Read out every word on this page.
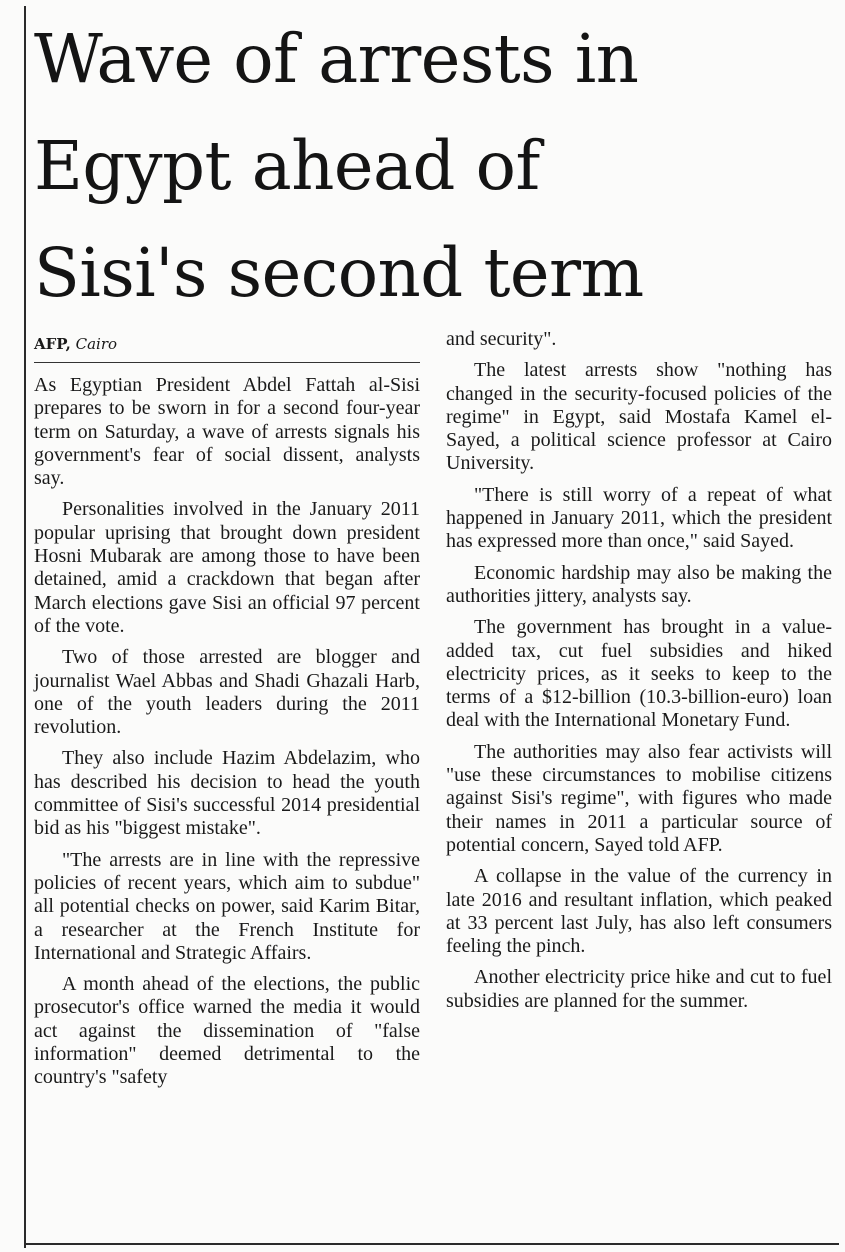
Wave of arrests in
Egypt ahead of
Sisi's second term
AFP, Cairo

As Egyptian President Abdel Fattah al-Sisi prepares to be sworn in for a second four-year term on Saturday, a wave of arrests signals his government's fear of social dissent, analysts say.

Personalities involved in the January 2011 popular uprising that brought down president Hosni Mubarak are among those to have been detained, amid a crackdown that began after March elections gave Sisi an official 97 percent of the vote.

Two of those arrested are blogger and journalist Wael Abbas and Shadi Ghazali Harb, one of the youth leaders during the 2011 revolution.

They also include Hazim Abdelazim, who has described his decision to head the youth committee of Sisi's successful 2014 presidential bid as his "biggest mistake".

"The arrests are in line with the repressive policies of recent years, which aim to subdue" all potential checks on power, said Karim Bitar, a researcher at the French Institute for International and Strategic Affairs.

A month ahead of the elections, the public prosecutor's office warned the media it would act against the dissemination of "false information" deemed detrimental to the country's "safety

and security".

The latest arrests show "nothing has changed in the security-focused policies of the regime" in Egypt, said Mostafa Kamel el-Sayed, a political science professor at Cairo University.

"There is still worry of a repeat of what happened in January 2011, which the president has expressed more than once," said Sayed.

Economic hardship may also be making the authorities jittery, analysts say.

The government has brought in a value-added tax, cut fuel subsidies and hiked electricity prices, as it seeks to keep to the terms of a $12-billion (10.3-billion-euro) loan deal with the International Monetary Fund.

The authorities may also fear activists will "use these circumstances to mobilise citizens against Sisi's regime", with figures who made their names in 2011 a particular source of potential concern, Sayed told AFP.

A collapse in the value of the currency in late 2016 and resultant inflation, which peaked at 33 percent last July, has also left consumers feeling the pinch.

Another electricity price hike and cut to fuel subsidies are planned for the summer.
